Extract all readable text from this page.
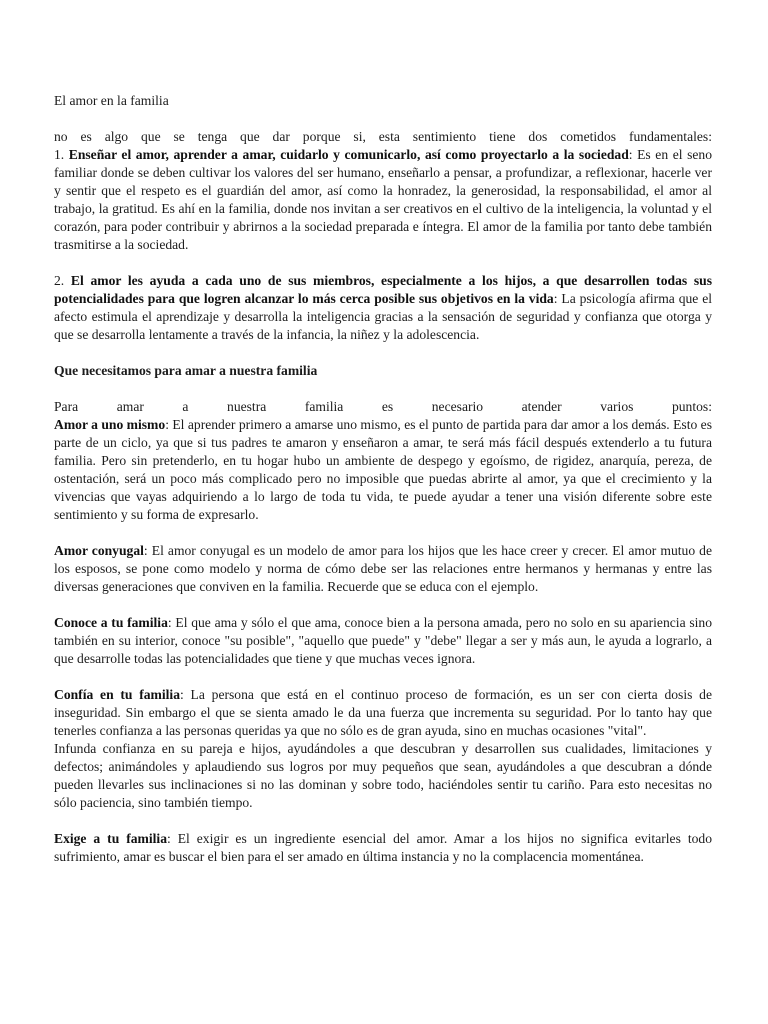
El amor en la familia

no es algo que se tenga que dar porque si, esta sentimiento tiene dos cometidos fundamentales:
1. Enseñar el amor, aprender a amar, cuidarlo y comunicarlo, así como proyectarlo a la sociedad: Es en el seno familiar donde se deben cultivar los valores del ser humano, enseñarlo a pensar, a profundizar, a reflexionar, hacerle ver y sentir que el respeto es el guardián del amor, así como la honradez, la generosidad, la responsabilidad, el amor al trabajo, la gratitud. Es ahí en la familia, donde nos invitan a ser creativos en el cultivo de la inteligencia, la voluntad y el corazón, para poder contribuir y abrirnos a la sociedad preparada e íntegra. El amor de la familia por tanto debe también trasmitirse a la sociedad.

2. El amor les ayuda a cada uno de sus miembros, especialmente a los hijos, a que desarrollen todas sus potencialidades para que logren alcanzar lo más cerca posible sus objetivos en la vida: La psicología afirma que el afecto estimula el aprendizaje y desarrolla la inteligencia gracias a la sensación de seguridad y confianza que otorga y que se desarrolla lentamente a través de la infancia, la niñez y la adolescencia.

Que necesitamos para amar a nuestra familia

Para amar a nuestra familia es necesario atender varios puntos:
Amor a uno mismo: El aprender primero a amarse uno mismo, es el punto de partida para dar amor a los demás. Esto es parte de un ciclo, ya que si tus padres te amaron y enseñaron a amar, te será más fácil después extenderlo a tu futura familia. Pero sin pretenderlo, en tu hogar hubo un ambiente de despego y egoísmo, de rigidez, anarquía, pereza, de ostentación, será un poco más complicado pero no imposible que puedas abrirte al amor, ya que el crecimiento y la vivencias que vayas adquiriendo a lo largo de toda tu vida, te puede ayudar a tener una visión diferente sobre este sentimiento y su forma de expresarlo.

Amor conyugal: El amor conyugal es un modelo de amor para los hijos que les hace creer y crecer. El amor mutuo de los esposos, se pone como modelo y norma de cómo debe ser las relaciones entre hermanos y hermanas y entre las diversas generaciones que conviven en la familia. Recuerde que se educa con el ejemplo.

Conoce a tu familia: El que ama y sólo el que ama, conoce bien a la persona amada, pero no solo en su apariencia sino también en su interior, conoce "su posible", "aquello que puede" y "debe" llegar a ser y más aun, le ayuda a lograrlo, a que desarrolle todas las potencialidades que tiene y que muchas veces ignora.

Confía en tu familia: La persona que está en el continuo proceso de formación, es un ser con cierta dosis de inseguridad. Sin embargo el que se sienta amado le da una fuerza que incrementa su seguridad. Por lo tanto hay que tenerles confianza a las personas queridas ya que no sólo es de gran ayuda, sino en muchas ocasiones "vital".
Infunda confianza en su pareja e hijos, ayudándoles a que descubran y desarrollen sus cualidades, limitaciones y defectos; animándoles y aplaudiendo sus logros por muy pequeños que sean, ayudándoles a que descubran a dónde pueden llevarles sus inclinaciones si no las dominan y sobre todo, haciéndoles sentir tu cariño. Para esto necesitas no sólo paciencia, sino también tiempo.

Exige a tu familia: El exigir es un ingrediente esencial del amor. Amar a los hijos no significa evitarles todo sufrimiento, amar es buscar el bien para el ser amado en última instancia y no la complacencia momentánea.
